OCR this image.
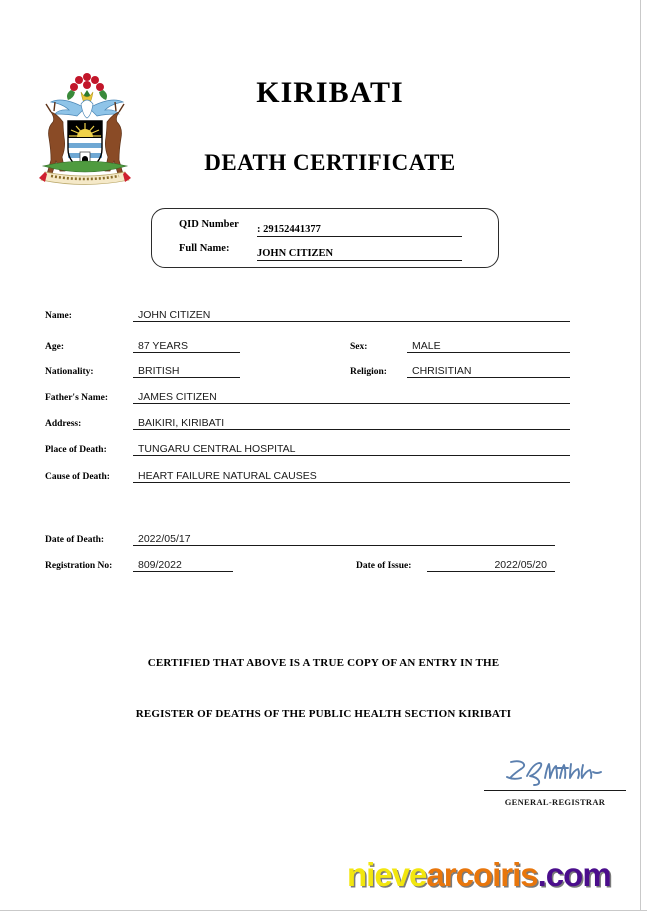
KIRIBATI
DEATH CERTIFICATE
QID Number : 29152441377
Full Name:	JOHN CITIZEN
Name:	JOHN CITIZEN
Age:	87 YEARS	Sex:	MALE
Nationality:	BRITISH	Religion: CHRISITIAN
Father's Name:	JAMES CITIZEN
Address:	BAIKIRI, KIRIBATI
Place of Death:	TUNGARU CENTRAL HOSPITAL
Cause of Death:	HEART FAILURE NATURAL CAUSES
Date of Death:	2022/05/17
Registration No: 809/2022	Date of Issue:	2022/05/20
CERTIFIED THAT ABOVE IS A TRUE COPY OF AN ENTRY IN THE
REGISTER OF DEATHS OF THE PUBLIC HEALTH SECTION KIRIBATI
GENERAL-REGISTRAR
nievearcoiris.com
